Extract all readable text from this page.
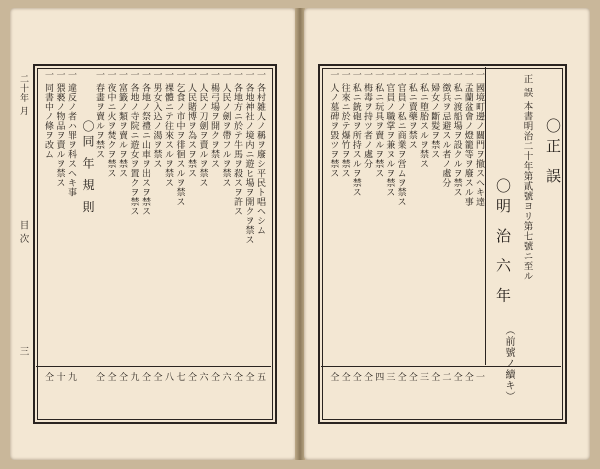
二十年 月
目 次
三
一 各村雑人ノ稱ヲ廢シ平民ト唱ヘシム
五
一 各地神社ノ境内ニ遊ヒ場ヲ開クヲ禁ス
仝
一 各地方ニ於テ牛馬ヲ殺スヲ許ス
仝
一 人民ノ劍ヲ帶フルヲ禁ス
六
一 楊弓場ヲ開クヲ禁ス
仝
一 人民ノ刀劍ヲ賣ルヲ禁ス
六
一 人民賭博ヲ為スヲ禁ス
仝
一 乞食ノ市中ヲ徘徊スルヲ禁ス
七
一 裸體ニテ往來スルヲ禁ス
八
一 男女入込ノ湯ヲ禁ス
仝
一 各地ノ祭禮ニ山車ヲ出スヲ禁ス
仝
一 各地ノ寺院ニ遊女ヲ置クヲ禁ス
九
一 富籤ノ類ヲ賣ルヲ禁ス
仝
一 夜中ニ火ヲ焚クヲ禁ス
仝
一 春畫ヲ賣ルヲ禁ス
仝
〇同 年 規 則
一 違反ノ者ハ罪ヲ科スヘキ事
九
一 猥褻ノ物品ヲ賣ルヲ禁ス
十
一 同書中ノ條ヲ改ム
仝
〇正 誤
正 誤 本書明治二十年第貳號ヨリ第七號ニ至ル
〇明 治 六 年
（前號ノ續キ）
一 國境町邊ノ關門ヲ撤スヘキ達
一
一 孟蘭盆會ノ燈籠等ヲ廢スル事
仝
一 私ニ渡船場ヲ設クルヲ禁ス
仝
一 徴兵ヲ忌避スル者ノ處分
二
一 婦女ノ斷髪ヲ禁ス
仝
一 私ニ堕胎スルヲ禁ス
三
一 私ニ賣藥ヲ禁ス
仝
一 官員ノ私ニ商業ヲ営ムヲ禁ス
仝
一 官員ノ職掌ヲ兼ヌルヲ禁ス
三
一 私ニ玩具ヲ賣ルヲ禁ス
四
一 梅毒ヲ持ツ者ノ處分
仝
一 私ニ銃砲ヲ所持スルヲ禁ス
仝
一 往來ニ於テ爆竹ヲ禁ス
仝
一 人ノ墓碑ヲ毀ツヲ禁ス
仝
